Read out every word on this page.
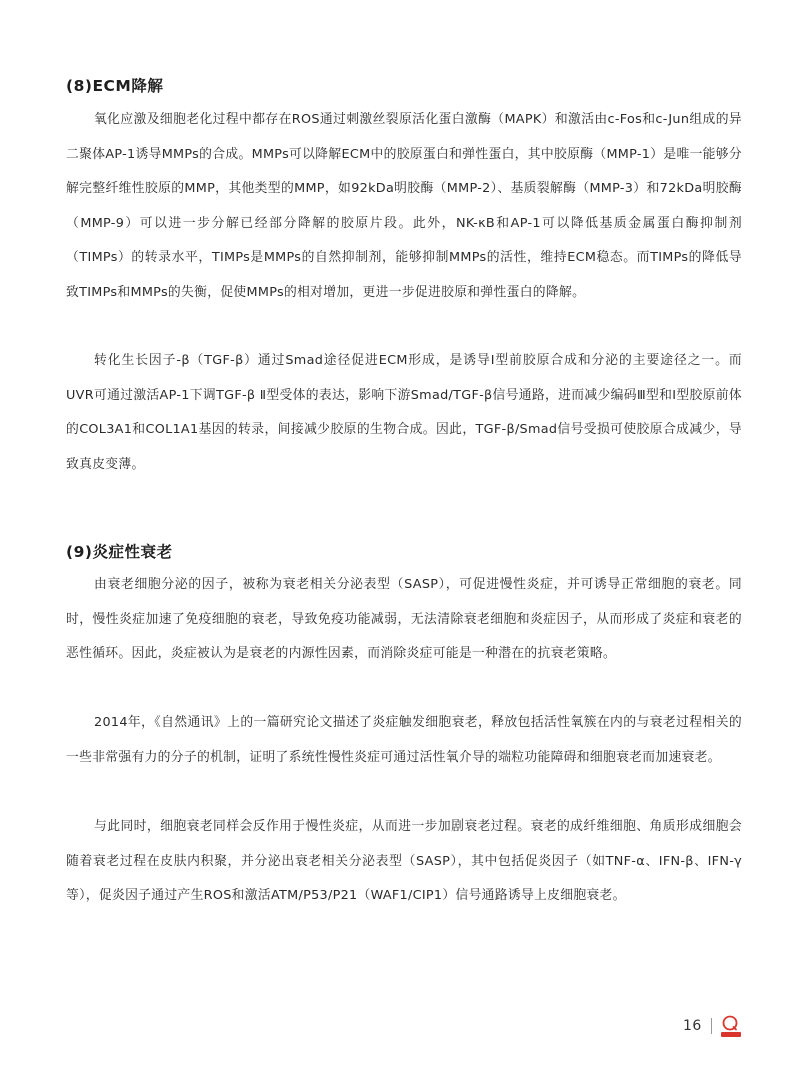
(8)ECM降解

氧化应激及细胞老化过程中都存在ROS通过刺激丝裂原活化蛋白激酶（MAPK）和激活由c-Fos和c-Jun组成的异二聚体AP-1诱导MMPs的合成。MMPs可以降解ECM中的胶原蛋白和弹性蛋白，其中胶原酶（MMP-1）是唯一能够分解完整纤维性胶原的MMP，其他类型的MMP，如92kDa明胶酶（MMP-2）、基质裂解酶（MMP-3）和72kDa明胶酶（MMP-9）可以进一步分解已经部分降解的胶原片段。此外，NK-κB和AP-1可以降低基质金属蛋白酶抑制剂（TIMPs）的转录水平，TIMPs是MMPs的自然抑制剂，能够抑制MMPs的活性，维持ECM稳态。而TIMPs的降低导致TIMPs和MMPs的失衡，促使MMPs的相对增加，更进一步促进胶原和弹性蛋白的降解。

转化生长因子-β（TGF-β）通过Smad途径促进ECM形成，是诱导Ⅰ型前胶原合成和分泌的主要途径之一。而UVR可通过激活AP-1下调TGF-β Ⅱ型受体的表达，影响下游Smad/TGF-β信号通路，进而减少编码Ⅲ型和Ⅰ型胶原前体的COL3A1和COL1A1基因的转录，间接减少胶原的生物合成。因此，TGF-β/Smad信号受损可使胶原合成减少，导致真皮变薄。

(9)炎症性衰老

由衰老细胞分泌的因子，被称为衰老相关分泌表型（SASP），可促进慢性炎症，并可诱导正常细胞的衰老。同时，慢性炎症加速了免疫细胞的衰老，导致免疫功能减弱，无法清除衰老细胞和炎症因子，从而形成了炎症和衰老的恶性循环。因此，炎症被认为是衰老的内源性因素，而消除炎症可能是一种潜在的抗衰老策略。

2014年，《自然通讯》上的一篇研究论文描述了炎症触发细胞衰老，释放包括活性氧簇在内的与衰老过程相关的一些非常强有力的分子的机制，证明了系统性慢性炎症可通过活性氧介导的端粒功能障碍和细胞衰老而加速衰老。

与此同时，细胞衰老同样会反作用于慢性炎症，从而进一步加剧衰老过程。衰老的成纤维细胞、角质形成细胞会随着衰老过程在皮肤内积聚，并分泌出衰老相关分泌表型（SASP），其中包括促炎因子（如TNF-α、IFN-β、IFN-γ等），促炎因子通过产生ROS和激活ATM/P53/P21（WAF1/CIP1）信号通路诱导上皮细胞衰老。

16
